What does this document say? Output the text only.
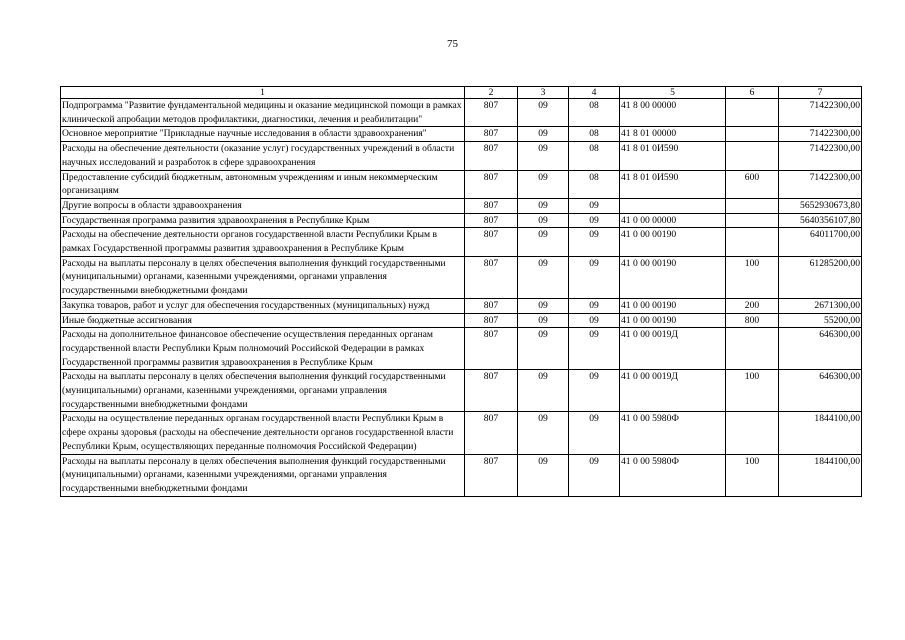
75
1	2	3	4	5	6	7
Подпрограмма "Развитие фундаментальной медицины и оказание медицинской помощи в рамках клинической апробации методов профилактики, диагностики, лечения и реабилитации"	807	09	08	41 8 00 00000		71422300,00
Основное мероприятие "Прикладные научные исследования в области здравоохранения"	807	09	08	41 8 01 00000		71422300,00
Расходы на обеспечение деятельности (оказание услуг) государственных учреждений в области научных исследований и разработок в сфере здравоохранения	807	09	08	41 8 01 0И590		71422300,00
Предоставление субсидий бюджетным, автономным учреждениям и иным некоммерческим организациям	807	09	08	41 8 01 0И590	600	71422300,00
Другие вопросы в области здравоохранения	807	09	09			5652930673,80
Государственная программа развития здравоохранения в Республике Крым	807	09	09	41 0 00 00000		5640356107,80
Расходы на обеспечение деятельности органов государственной власти Республики Крым в рамках Государственной программы развития здравоохранения в Республике Крым	807	09	09	41 0 00 00190		64011700,00
Расходы на выплаты персоналу в целях обеспечения выполнения функций государственными (муниципальными) органами, казенными учреждениями, органами управления государственными внебюджетными фондами	807	09	09	41 0 00 00190	100	61285200,00
Закупка товаров, работ и услуг для обеспечения государственных (муниципальных) нужд	807	09	09	41 0 00 00190	200	2671300,00
Иные бюджетные ассигнования	807	09	09	41 0 00 00190	800	55200,00
Расходы на дополнительное финансовое обеспечение осуществления переданных органам государственной власти Республики Крым полномочий Российской Федерации в рамках Государственной программы развития здравоохранения в Республике Крым	807	09	09	41 0 00 0019Д		646300,00
Расходы на выплаты персоналу в целях обеспечения выполнения функций государственными (муниципальными) органами, казенными учреждениями, органами управления государственными внебюджетными фондами	807	09	09	41 0 00 0019Д	100	646300,00
Расходы на осуществление переданных органам государственной власти Республики Крым в сфере охраны здоровья (расходы на обеспечение деятельности органов государственной власти Республики Крым, осуществляющих переданные полномочия Российской Федерации)	807	09	09	41 0 00 5980Ф		1844100,00
Расходы на выплаты персоналу в целях обеспечения выполнения функций государственными (муниципальными) органами, казенными учреждениями, органами управления государственными внебюджетными фондами	807	09	09	41 0 00 5980Ф	100	1844100,00
